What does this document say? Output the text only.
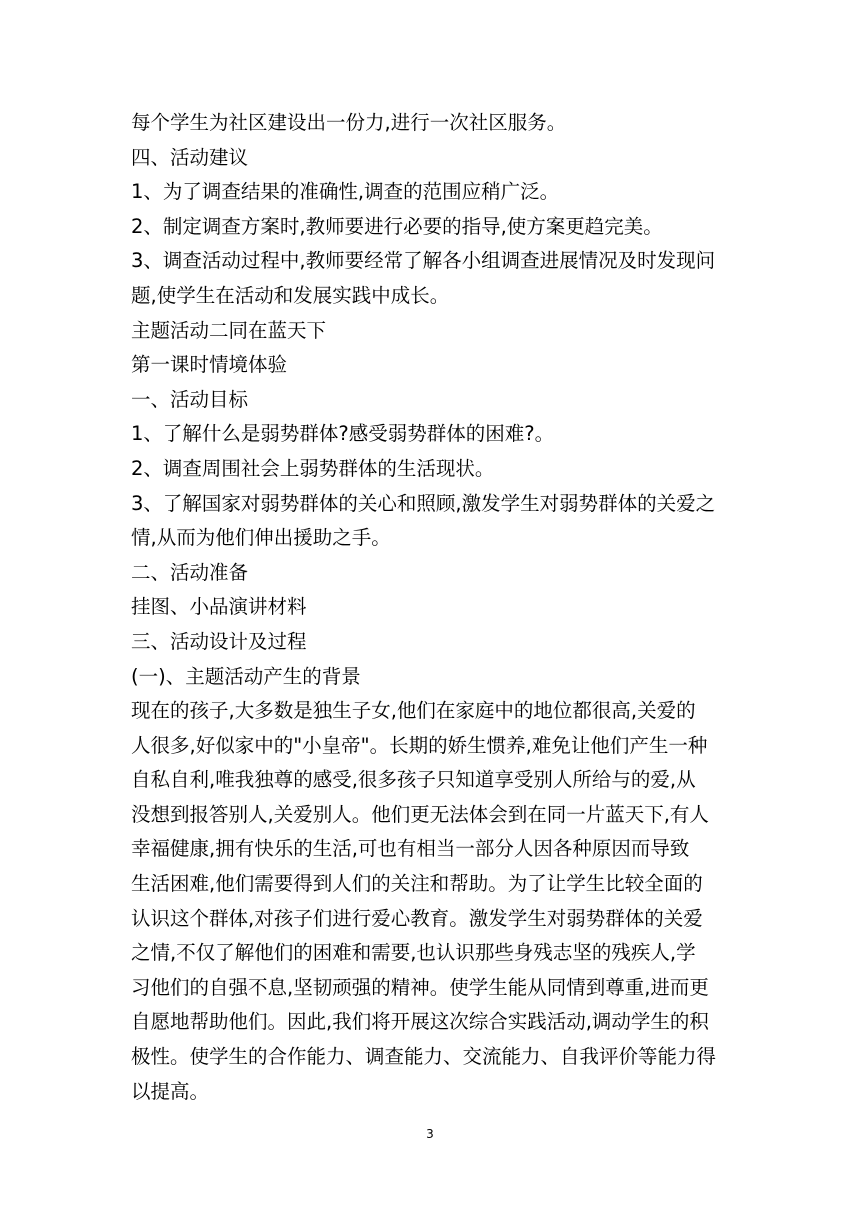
每个学生为社区建设出一份力,进行一次社区服务。
四、活动建议
1、为了调查结果的准确性,调查的范围应稍广泛。
2、制定调查方案时,教师要进行必要的指导,使方案更趋完美。
3、调查活动过程中,教师要经常了解各小组调查进展情况及时发现问
题,使学生在活动和发展实践中成长。
主题活动二同在蓝天下
第一课时情境体验
一、活动目标
1、了解什么是弱势群体?感受弱势群体的困难?。
2、调查周围社会上弱势群体的生活现状。
3、了解国家对弱势群体的关心和照顾,激发学生对弱势群体的关爱之
情,从而为他们伸出援助之手。
二、活动准备
挂图、小品演讲材料
三、活动设计及过程
(一)、主题活动产生的背景
现在的孩子,大多数是独生子女,他们在家庭中的地位都很高,关爱的
人很多,好似家中的"小皇帝"。长期的娇生惯养,难免让他们产生一种
自私自利,唯我独尊的感受,很多孩子只知道享受别人所给与的爱,从
没想到报答别人,关爱别人。他们更无法体会到在同一片蓝天下,有人
幸福健康,拥有快乐的生活,可也有相当一部分人因各种原因而导致
生活困难,他们需要得到人们的关注和帮助。为了让学生比较全面的
认识这个群体,对孩子们进行爱心教育。激发学生对弱势群体的关爱
之情,不仅了解他们的困难和需要,也认识那些身残志坚的残疾人,学
习他们的自强不息,坚韧顽强的精神。使学生能从同情到尊重,进而更
自愿地帮助他们。因此,我们将开展这次综合实践活动,调动学生的积
极性。使学生的合作能力、调查能力、交流能力、自我评价等能力得
以提高。
3
